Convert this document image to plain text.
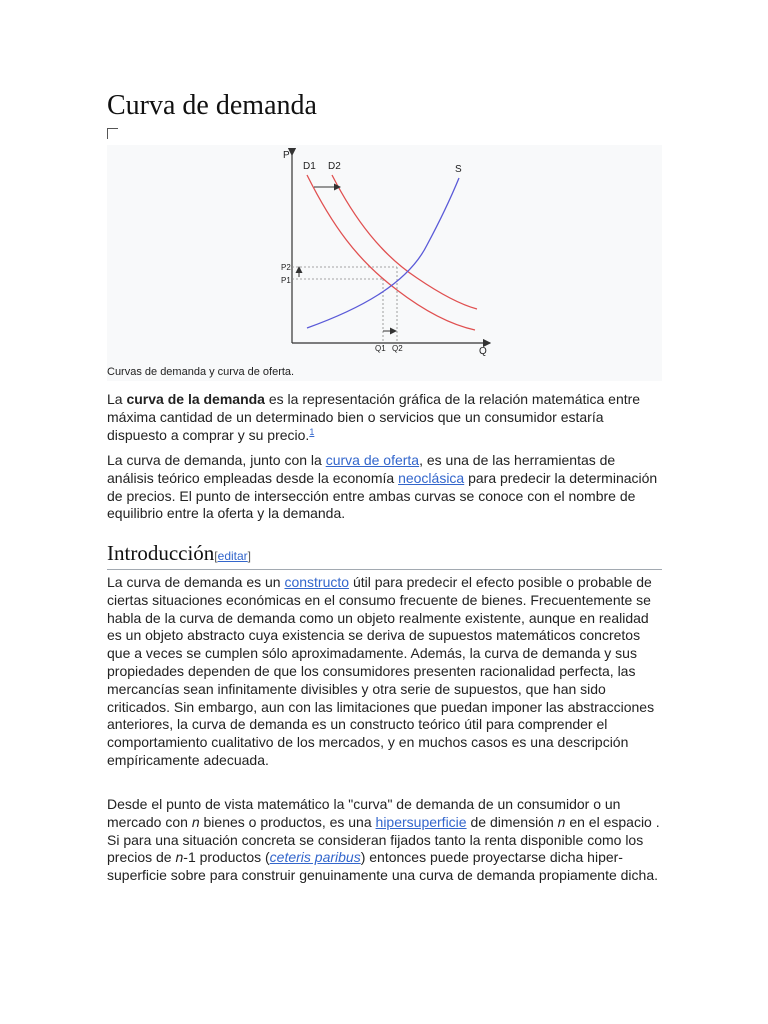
Curva de demanda
P
Q
D1 D2	S
P2
P1
Q1 Q2
Curvas de demanda y curva de oferta.

La curva de la demanda es la representación gráfica de la relación matemática entre máxima cantidad de un determinado bien o servicios que un consumidor estaría dispuesto a comprar y su precio.$^1$

La curva de demanda, junto con la curva de oferta, es una de las herramientas de análisis teórico empleadas desde la economía neoclásica para predecir la determinación de precios. El punto de intersección entre ambas curvas se conoce con el nombre de equilibrio entre la oferta y la demanda.

Introducción[editar]

La curva de demanda es un constructo útil para predecir el efecto posible o probable de ciertas situaciones económicas en el consumo frecuente de bienes. Frecuentemente se habla de la curva de demanda como un objeto realmente existente, aunque en realidad es un objeto abstracto cuya existencia se deriva de supuestos matemáticos concretos que a veces se cumplen sólo aproximadamente. Además, la curva de demanda y sus propiedades dependen de que los consumidores presenten racionalidad perfecta, las mercancías sean infinitamente divisibles y otra serie de supuestos, que han sido criticados. Sin embargo, aun con las limitaciones que puedan imponer las abstracciones anteriores, la curva de demanda es un constructo teórico útil para comprender el comportamiento cualitativo de los mercados, y en muchos casos es una descripción empíricamente adecuada.

Desde el punto de vista matemático la "curva" de demanda de un consumidor o un mercado con n bienes o productos, es una hipersuperficie de dimensión n en el espacio . Si para una situación concreta se consideran fijados tanto la renta disponible como los precios de n-1 productos (ceteris paribus) entonces puede proyectarse dicha hiper-superficie sobre para construir genuinamente una curva de demanda propiamente dicha.
